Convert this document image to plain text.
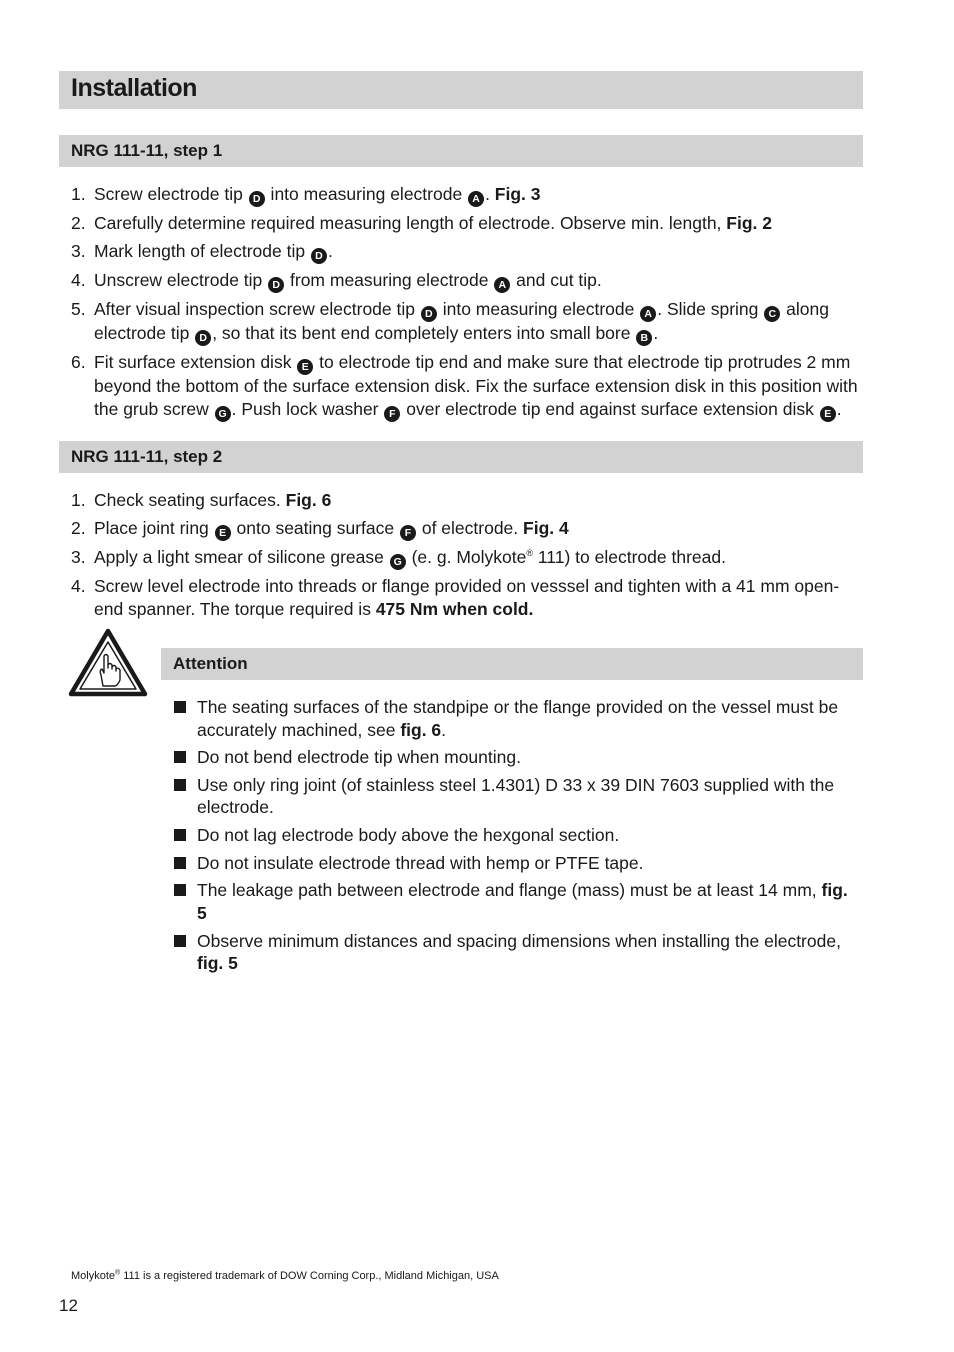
Installation
NRG 111-11, step 1
1. Screw electrode tip D into measuring electrode A . Fig. 3
2. Carefully determine required measuring length of electrode. Observe min. length, Fig. 2
3. Mark length of electrode tip D .
4. Unscrew electrode tip D from measuring electrode A and cut tip.
5. After visual inspection screw electrode tip D into measuring electrode A . Slide spring C along electrode tip D , so that its bent end completely enters into small bore B .
6. Fit surface extension disk E to electrode tip end and make sure that electrode tip protrudes 2 mm beyond the bottom of the surface extension disk. Fix the surface extension disk in this position with the grub screw G . Push lock washer F over electrode tip end against surface extension disk E .
NRG 111-11, step 2
1. Check seating surfaces. Fig. 6
2. Place joint ring E onto seating surface F of electrode. Fig. 4
3. Apply a light smear of silicone grease G (e. g. Molykote® 111) to electrode thread.
4. Screw level electrode into threads or flange provided on vesssel and tighten with a 41 mm open-end spanner. The torque required is 475 Nm when cold.
Attention
The seating surfaces of the standpipe or the flange provided on the vessel must be accurately machined, see fig. 6.
Do not bend electrode tip when mounting.
Use only ring joint (of stainless steel 1.4301) D 33 x 39 DIN 7603 supplied with the electrode.
Do not lag electrode body above the hexgonal section.
Do not insulate electrode thread with hemp or PTFE tape.
The leakage path between electrode and flange (mass) must be at least 14 mm, fig. 5
Observe minimum distances and spacing dimensions when installing the electrode, fig. 5
Molykote® 111 is a registered trademark of DOW Corning Corp., Midland Michigan, USA
12
